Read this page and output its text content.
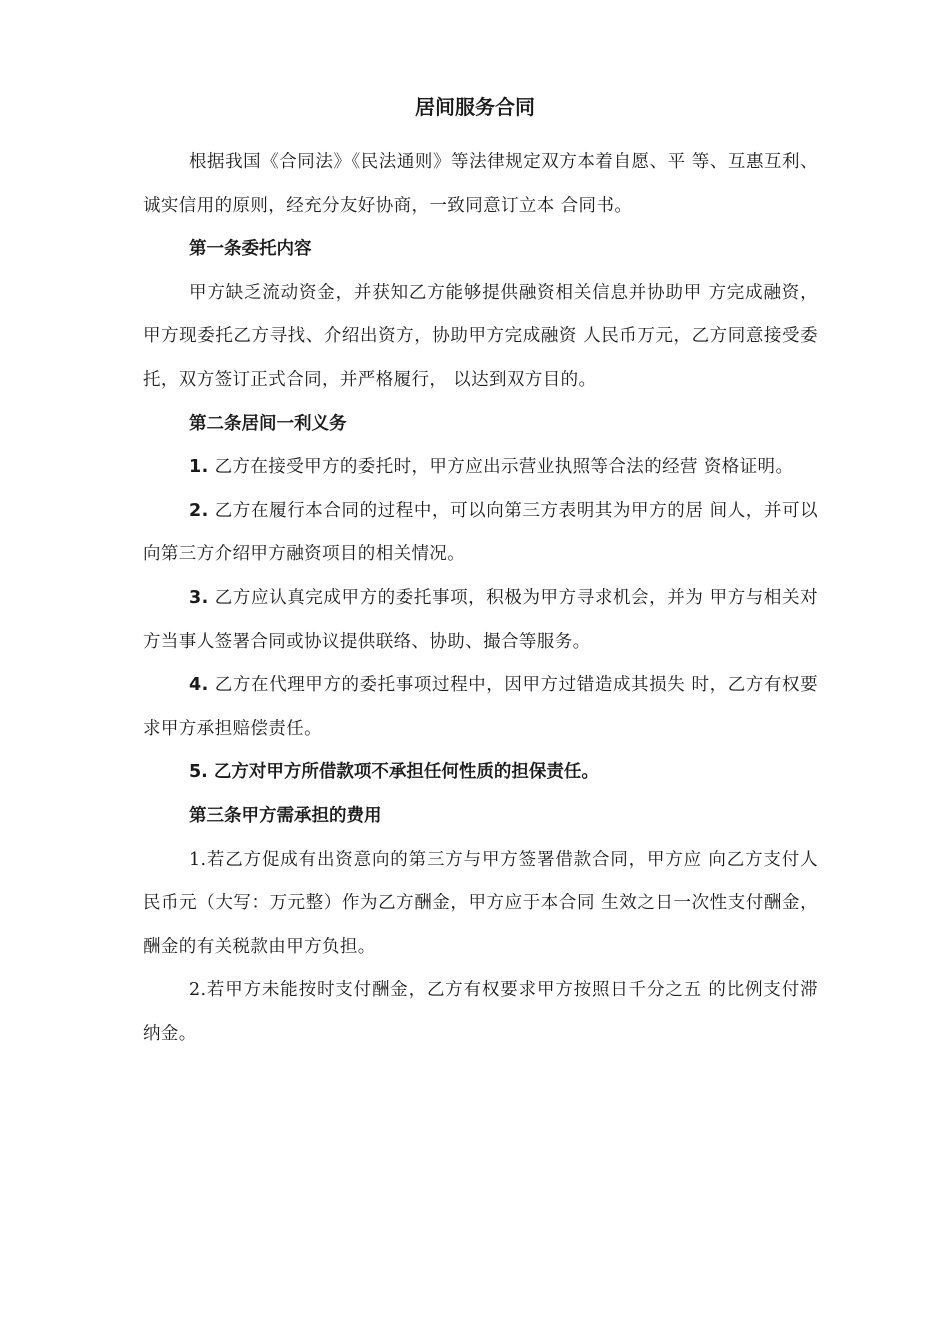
居间服务合同

根据我国《合同法》《民法通则》等法律规定双方本着自愿、平 等、互惠互利、诚实信用的原则，经充分友好协商，一致同意订立本 合同书。

第一条委托内容

甲方缺乏流动资金，并获知乙方能够提供融资相关信息并协助甲 方完成融资，甲方现委托乙方寻找、介绍出资方，协助甲方完成融资 人民币万元，乙方同意接受委托，双方签订正式合同，并严格履行， 以达到双方目的。

第二条居间一利义务

1. 乙方在接受甲方的委托时，甲方应出示营业执照等合法的经营 资格证明。

2. 乙方在履行本合同的过程中，可以向第三方表明其为甲方的居 间人，并可以向第三方介绍甲方融资项目的相关情况。

3. 乙方应认真完成甲方的委托事项，积极为甲方寻求机会，并为 甲方与相关对方当事人签署合同或协议提供联络、协助、撮合等服务。

4. 乙方在代理甲方的委托事项过程中，因甲方过错造成其损失 时，乙方有权要求甲方承担赔偿责任。

5. 乙方对甲方所借款项不承担任何性质的担保责任。

第三条甲方需承担的费用

1.若乙方促成有出资意向的第三方与甲方签署借款合同，甲方应 向乙方支付人民币元（大写：万元整）作为乙方酬金，甲方应于本合同 生效之日一次性支付酬金，酬金的有关税款由甲方负担。

2.若甲方未能按时支付酬金，乙方有权要求甲方按照日千分之五 的比例支付滞纳金。
